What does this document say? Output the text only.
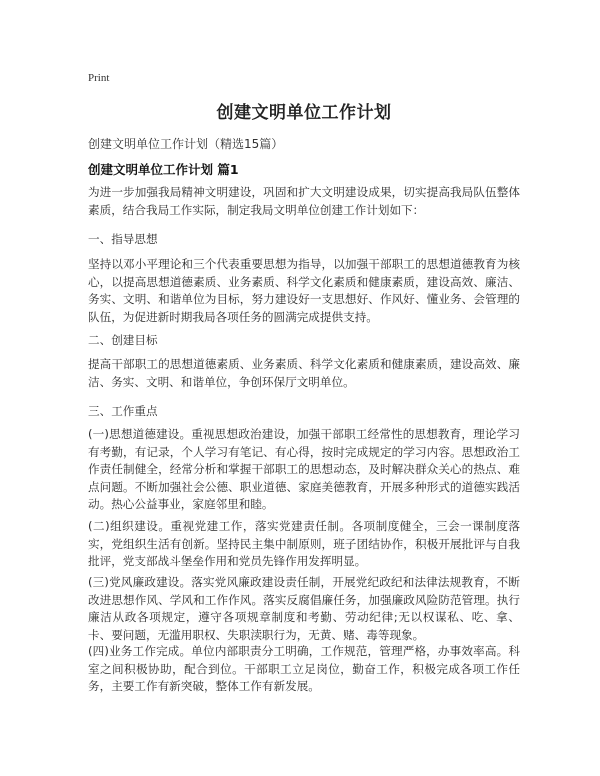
Print
创建文明单位工作计划
创建文明单位工作计划（精选15篇）
创建文明单位工作计划 篇1
为进一步加强我局精神文明建设，巩固和扩大文明建设成果，切实提高我局队伍整体素质，结合我局工作实际，制定我局文明单位创建工作计划如下：
一、指导思想
坚持以邓小平理论和三个代表重要思想为指导，以加强干部职工的思想道德教育为核心，以提高思想道德素质、业务素质、科学文化素质和健康素质，建设高效、廉洁、务实、文明、和谐单位为目标，努力建设好一支思想好、作风好、懂业务、会管理的队伍，为促进新时期我局各项任务的圆满完成提供支持。
二、创建目标
提高干部职工的思想道德素质、业务素质、科学文化素质和健康素质，建设高效、廉洁、务实、文明、和谐单位，争创环保厅文明单位。
三、工作重点
(一)思想道德建设。重视思想政治建设，加强干部职工经常性的思想教育，理论学习有考勤，有记录，个人学习有笔记、有心得，按时完成规定的学习内容。思想政治工作责任制健全，经常分析和掌握干部职工的思想动态，及时解决群众关心的热点、难点问题。不断加强社会公德、职业道德、家庭美德教育，开展多种形式的道德实践活动。热心公益事业，家庭邻里和睦。
(二)组织建设。重视党建工作，落实党建责任制。各项制度健全，三会一课制度落实，党组织生活有创新。坚持民主集中制原则，班子团结协作，积极开展批评与自我批评，党支部战斗堡垒作用和党员先锋作用发挥明显。
(三)党风廉政建设。落实党风廉政建设责任制，开展党纪政纪和法律法规教育，不断改进思想作风、学风和工作作风。落实反腐倡廉任务，加强廉政风险防范管理。执行廉洁从政各项规定，遵守各项规章制度和考勤、劳动纪律;无以权谋私、吃、拿、卡、要问题，无滥用职权、失职渎职行为，无黄、赌、毒等现象。
(四)业务工作完成。单位内部职责分工明确，工作规范，管理严格，办事效率高。科室之间积极协助，配合到位。干部职工立足岗位，勤奋工作，积极完成各项工作任务，主要工作有新突破，整体工作有新发展。
